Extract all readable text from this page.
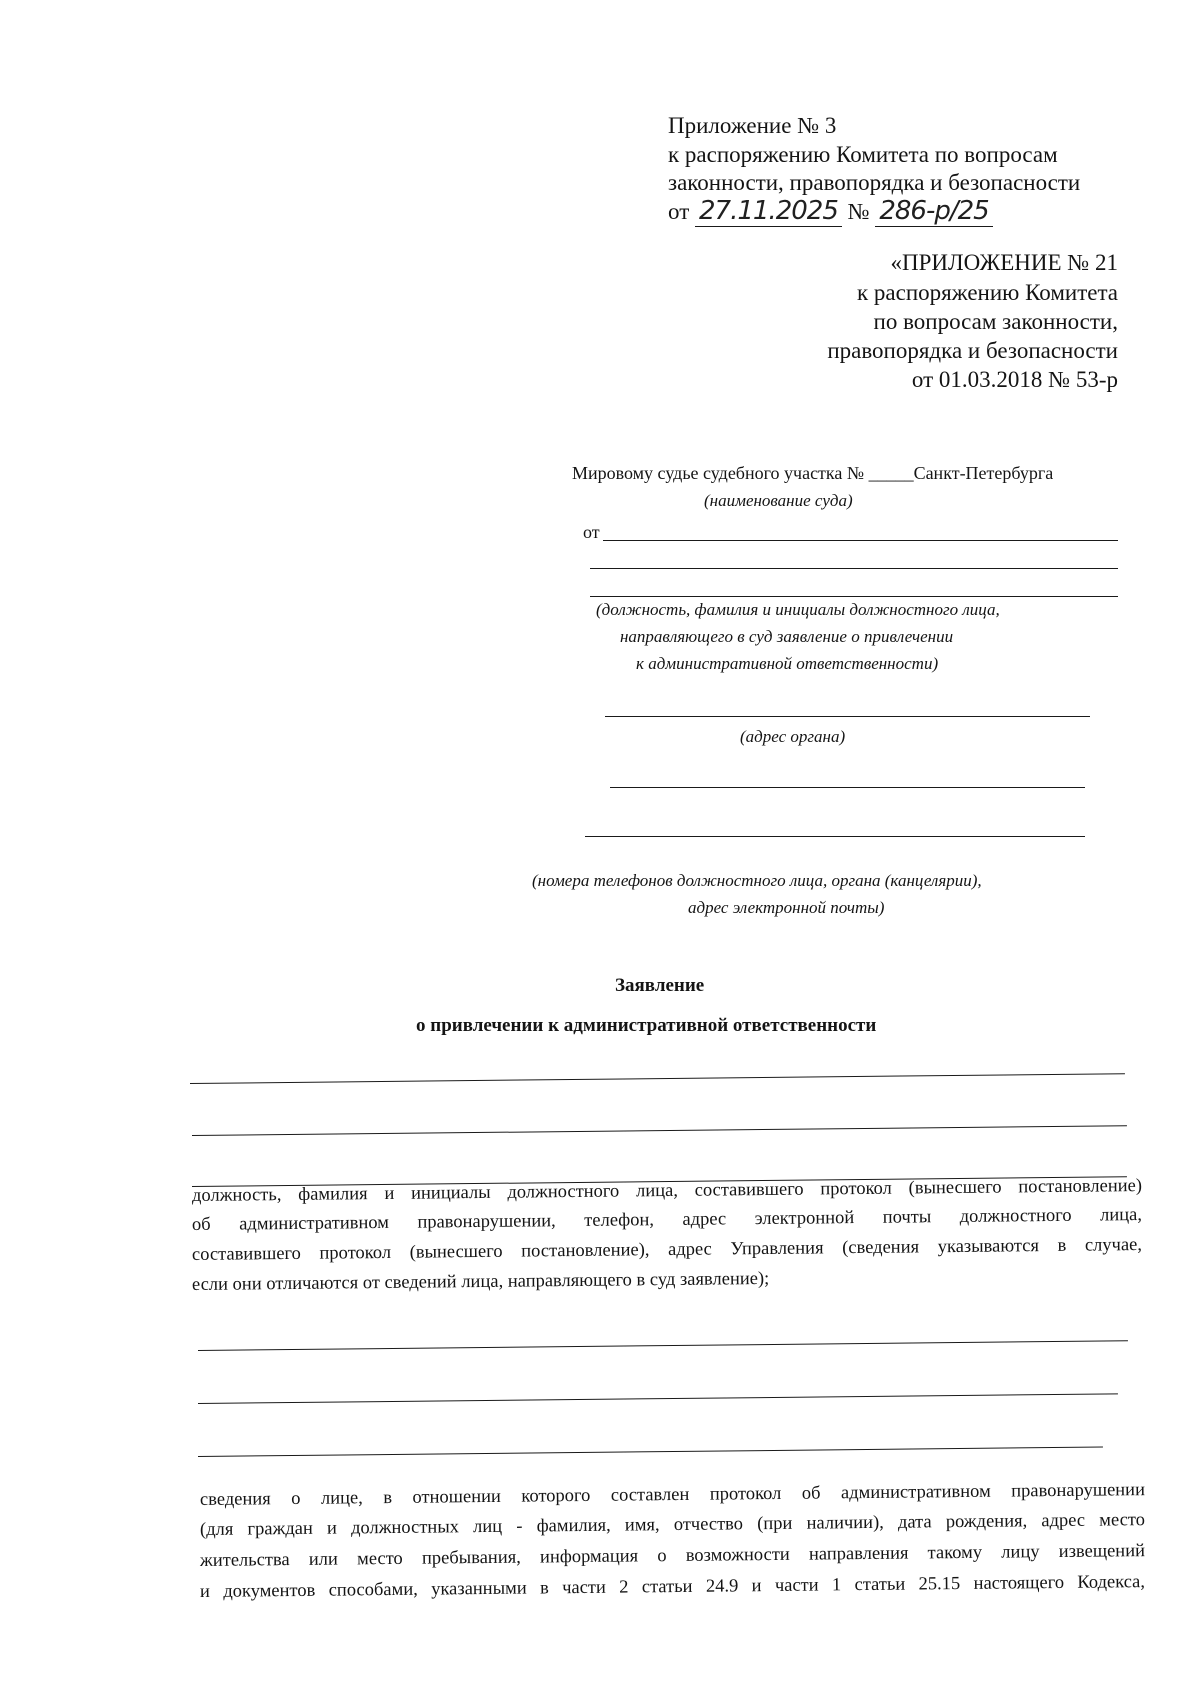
Приложение № 3
к распоряжению Комитета по вопросам
законности, правопорядка и безопасности
от 27.11.2025 № 286-р/25
«ПРИЛОЖЕНИЕ № 21
к распоряжению Комитета
по вопросам законности,
правопорядка и безопасности
от 01.03.2018 № 53-р
Мировому судье судебного участка № _____Санкт-Петербурга
(наименование суда)
от
(должность, фамилия и инициалы должностного лица,
направляющего в суд заявление о привлечении
к административной ответственности)
(адрес органа)
(номера телефонов должностного лица, органа (канцелярии),
адрес электронной почты)
Заявление
о привлечении к административной ответственности
должность, фамилия и инициалы должностного лица, составившего протокол (вынесшего постановление)
об административном правонарушении, телефон, адрес электронной почты должностного лица,
составившего протокол (вынесшего постановление), адрес Управления (сведения указываются в случае,
если они отличаются от сведений лица, направляющего в суд заявление);
сведения о лице, в отношении которого составлен протокол об административном правонарушении
(для граждан и должностных лиц - фамилия, имя, отчество (при наличии), дата рождения, адрес место
жительства или место пребывания, информация о возможности направления такому лицу извещений
и документов способами, указанными в части 2 статьи 24.9 и части 1 статьи 25.15 настоящего Кодекса,
